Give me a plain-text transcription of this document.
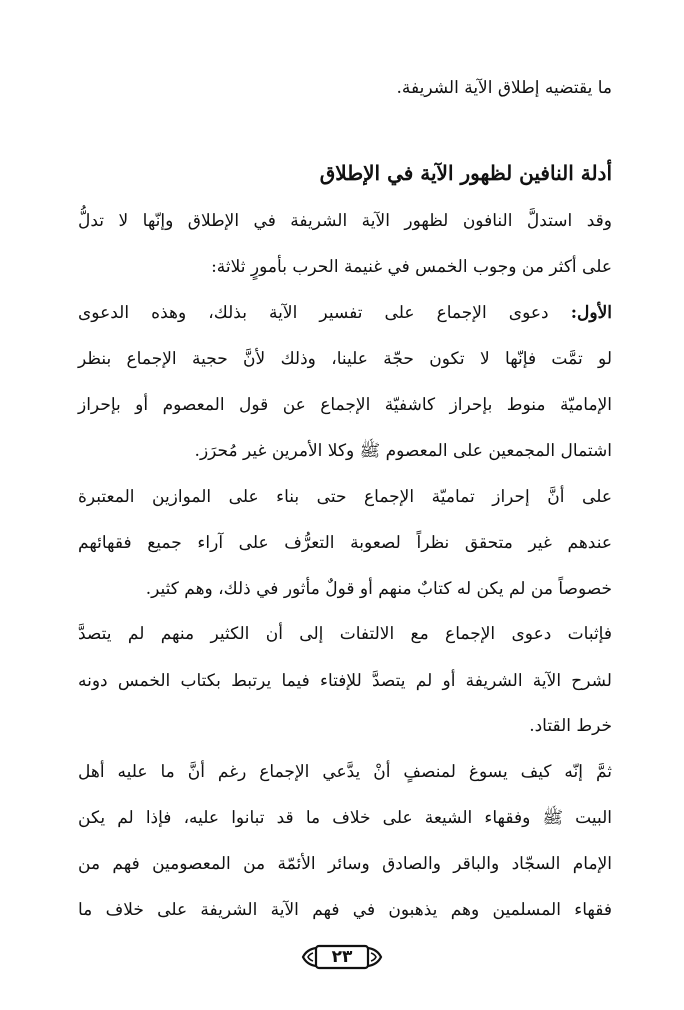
ما يقتضيه إطلاق الآية الشريفة.
أدلة النافين لظهور الآية في الإطلاق
وقد استدلَّ النافون لظهور الآية الشريفة في الإطلاق وإنّها لا تدلُّ
على أكثر من وجوب الخمس في غنيمة الحرب بأمورٍ ثلاثة:
الأول: دعوى الإجماع على تفسير الآية بذلك، وهذه الدعوى
لو تمَّت فإنّها لا تكون حجّة علينا، وذلك لأنَّ حجية الإجماع بنظر
الإماميّة منوط بإحراز كاشفيّة الإجماع عن قول المعصوم أو بإحراز
اشتمال المجمعين على المعصوم ﷺ وكلا الأمرين غير مُحرَز.
على أنَّ إحراز تماميّة الإجماع حتى بناء على الموازين المعتبرة
عندهم غير متحقق نظراً لصعوبة التعرُّف على آراء جميع فقهائهم
خصوصاً من لم يكن له كتابٌ منهم أو قولٌ مأثور في ذلك، وهم كثير.
فإثبات دعوى الإجماع مع الالتفات إلى أن الكثير منهم لم يتصدَّ
لشرح الآية الشريفة أو لم يتصدَّ للإفتاء فيما يرتبط بكتاب الخمس دونه
خرط القتاد.
ثمَّ إنّه كيف يسوغ لمنصفٍ أنْ يدَّعي الإجماع رغم أنَّ ما عليه أهل
البيت ﷺ وفقهاء الشيعة على خلاف ما قد تبانوا عليه، فإذا لم يكن
الإمام السجّاد والباقر والصادق وسائر الأئمّة من المعصومين فهم من
فقهاء المسلمين وهم يذهبون في فهم الآية الشريفة على خلاف ما
٢٣
